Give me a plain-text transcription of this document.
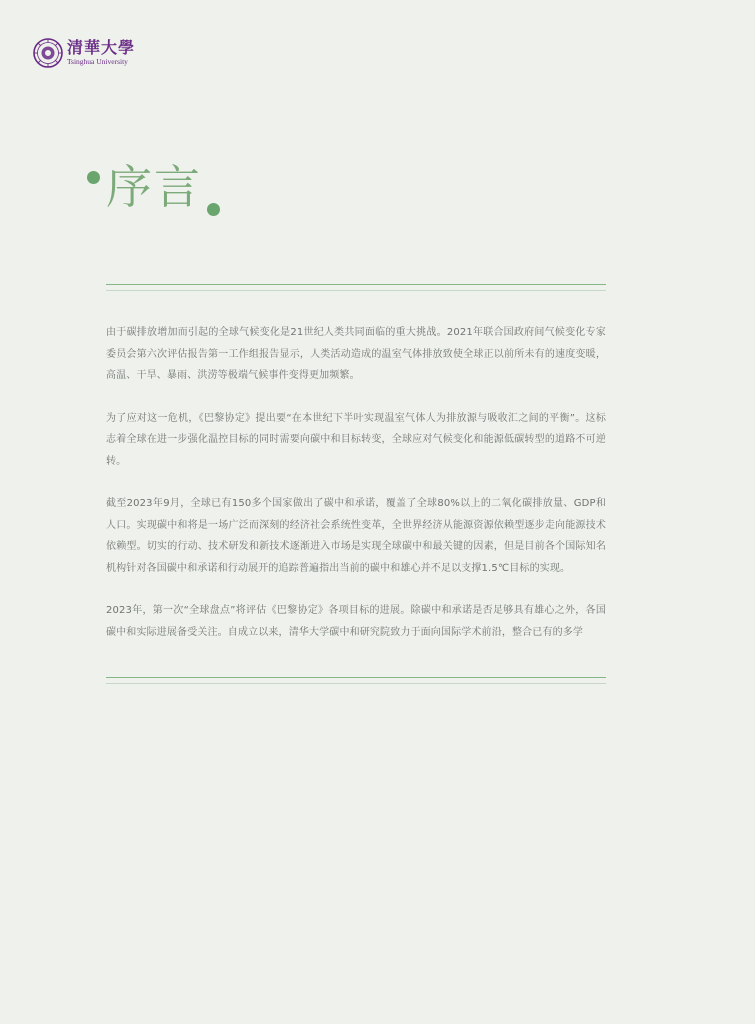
清華大學
Tsinghua University
序言

由于碳排放增加而引起的全球气候变化是21世纪人类共同面临的重大挑战。2021年联合国政府间气候变化专家委员会第六次评估报告第一工作组报告显示，人类活动造成的温室气体排放致使全球正以前所未有的速度变暖，高温、干旱、暴雨、洪涝等极端气候事件变得更加频繁。

为了应对这一危机，《巴黎协定》提出要“在本世纪下半叶实现温室气体人为排放源与吸收汇之间的平衡”。这标志着全球在进一步强化温控目标的同时需要向碳中和目标转变，全球应对气候变化和能源低碳转型的道路不可逆转。

截至2023年9月，全球已有150多个国家做出了碳中和承诺，覆盖了全球80%以上的二氧化碳排放量、GDP和人口。实现碳中和将是一场广泛而深刻的经济社会系统性变革，全世界经济从能源资源依赖型逐步走向能源技术依赖型。切实的行动、技术研发和新技术逐渐进入市场是实现全球碳中和最关键的因素，但是目前各个国际知名机构针对各国碳中和承诺和行动展开的追踪普遍指出当前的碳中和雄心并不足以支撑1.5℃目标的实现。

2023年，第一次“全球盘点”将评估《巴黎协定》各项目标的进展。除碳中和承诺是否足够具有雄心之外，各国碳中和实际进展备受关注。自成立以来，清华大学碳中和研究院致力于面向国际学术前沿，整合已有的多学
